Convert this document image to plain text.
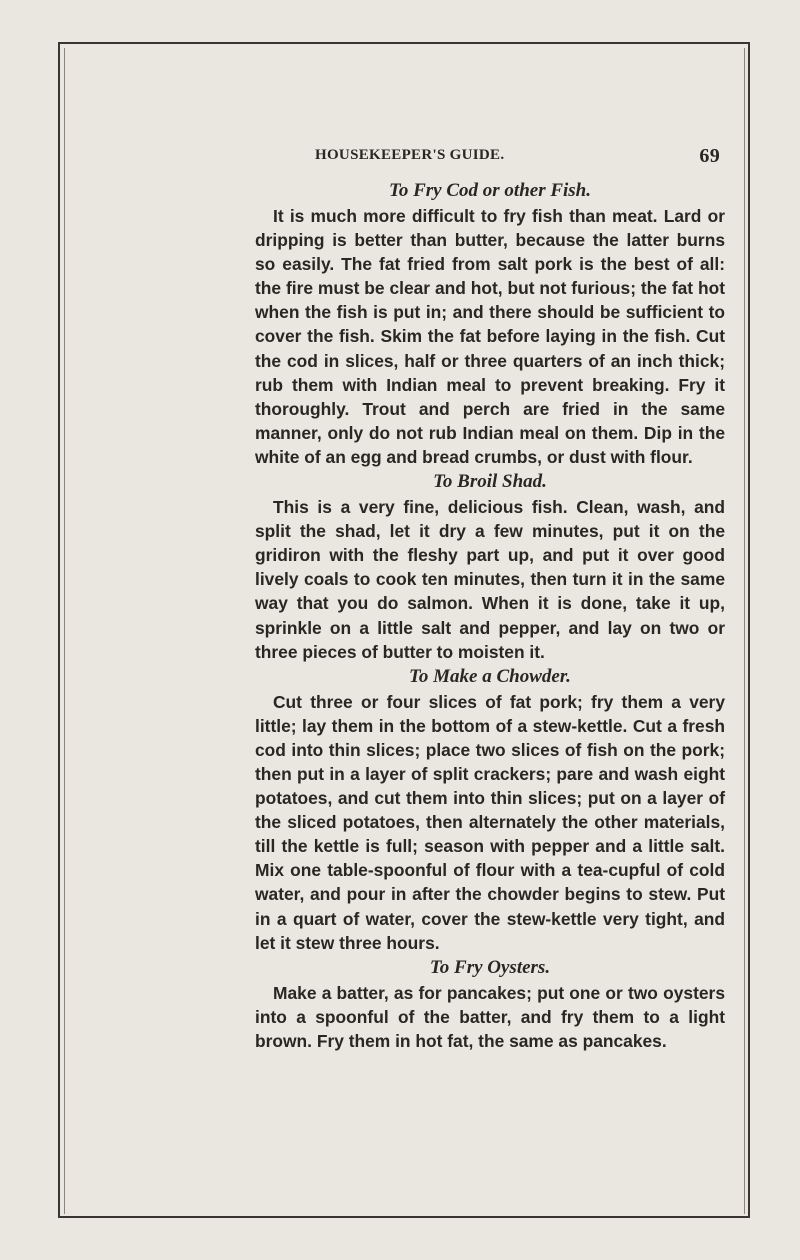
HOUSEKEEPER'S GUIDE.	69
To Fry Cod or other Fish.

It is much more difficult to fry fish than meat. Lard or dripping is better than butter, because the latter burns so easily. The fat fried from salt pork is the best of all: the fire must be clear and hot, but not furious; the fat hot when the fish is put in; and there should be sufficient to cover the fish. Skim the fat before laying in the fish. Cut the cod in slices, half or three quarters of an inch thick; rub them with Indian meal to prevent breaking. Fry it thoroughly. Trout and perch are fried in the same manner, only do not rub Indian meal on them. Dip in the white of an egg and bread crumbs, or dust with flour.

To Broil Shad.

This is a very fine, delicious fish. Clean, wash, and split the shad, let it dry a few minutes, put it on the gridiron with the fleshy part up, and put it over good lively coals to cook ten minutes, then turn it in the same way that you do salmon. When it is done, take it up, sprinkle on a little salt and pepper, and lay on two or three pieces of butter to moisten it.

To Make a Chowder.

Cut three or four slices of fat pork; fry them a very little; lay them in the bottom of a stew-kettle. Cut a fresh cod into thin slices; place two slices of fish on the pork; then put in a layer of split crackers; pare and wash eight potatoes, and cut them into thin slices; put on a layer of the sliced potatoes, then alternately the other materials, till the kettle is full; season with pepper and a little salt. Mix one table-spoonful of flour with a tea-cupful of cold water, and pour in after the chowder begins to stew. Put in a quart of water, cover the stew-kettle very tight, and let it stew three hours.

To Fry Oysters.

Make a batter, as for pancakes; put one or two oysters into a spoonful of the batter, and fry them to a light brown. Fry them in hot fat, the same as pancakes.
